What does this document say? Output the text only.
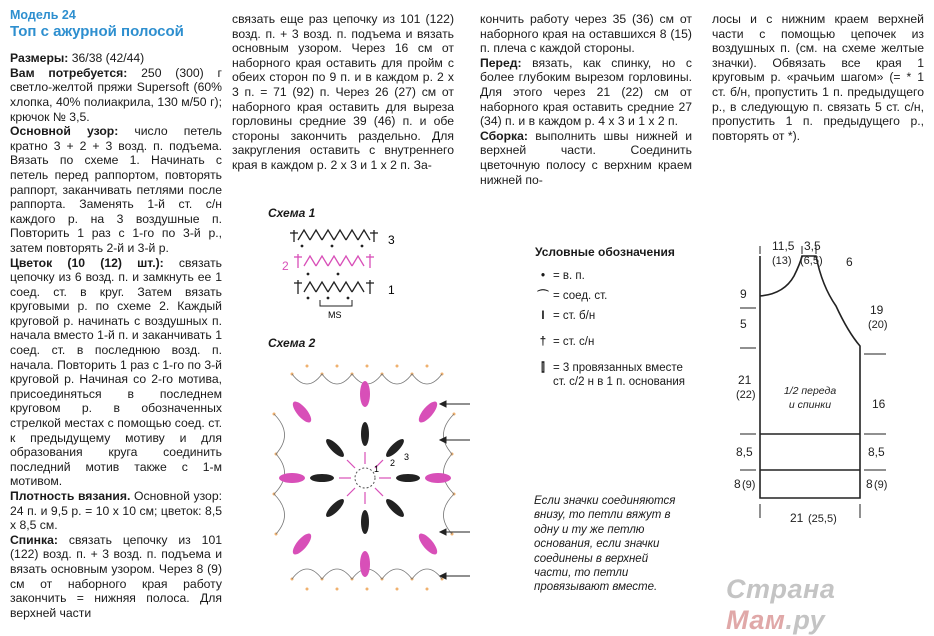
Модель 24
Топ с ажурной полосой

Размеры: 36/38 (42/44)

Вам потребуется: 250 (300) г светло-желтой пряжи Supersoft (60% хлопка, 40% полиакрила, 130 м/50 г); крючок № 3,5.

Основной узор: число петель кратно 3 + 2 + 3 возд. п. подъема. Вязать по схеме 1. Начинать с петель перед раппортом, повторять раппорт, заканчивать петлями после раппорта. Заменять 1-й ст. с/н каждого р. на 3 воздушные п. Повторить 1 раз с 1-го по 3-й р., затем повторять 2-й и 3-й р.

Цветок (10 (12) шт.): связать цепочку из 6 возд. п. и замкнуть ее 1 соед. ст. в круг. Затем вязать круговыми р. по схеме 2. Каждый круговой р. начинать с воздушных п. начала вместо 1-й п. и заканчивать 1 соед. ст. в последнюю возд. п. начала. Повторить 1 раз с 1-го по 3-й круговой р. Начиная со 2-го мотива, присоединяться в последнем круговом р. в обозначенных стрелкой местах с помощью соед. ст. к предыдущему мотиву и для образования круга соединить последний мотив также с 1-м мотивом.

Плотность вязания. Основной узор: 24 п. и 9,5 р. = 10 х 10 см; цветок: 8,5 х 8,5 см.

Спинка: связать цепочку из 101 (122) возд. п. + 3 возд. п. подъема и вязать основным узором. Через 8 (9) см от наборного края работу закончить = нижняя полоса. Для верхней части

связать еще раз цепочку из 101 (122) возд. п. + 3 возд. п. подъема и вязать основным узором. Через 16 см от наборного края оставить для пройм с обеих сторон по 9 п. и в каждом р. 2 х 3 п. = 71 (92) п. Через 26 (27) см от наборного края оставить для выреза горловины средние 39 (46) п. и обе стороны закончить раздельно. Для закругления оставить с внутреннего края в каждом р. 2 х 3 и 1 х 2 п. За-

кончить работу через 35 (36) см от наборного края на оставшихся 8 (15) п. плеча с каждой стороны.

Перед: вязать, как спинку, но с более глубоким вырезом горловины. Для этого через 21 (22) см от наборного края оставить средние 27 (34) п. и в каждом р. 4 х 3 и 1 х 2 п.

Сборка: выполнить швы нижней и верхней части. Соединить цветочную полосу с верхним краем нижней по-

лосы и с нижним краем верхней части с помощью цепочек из воздушных п. (см. на схеме желтые значки). Обвязать все края 1 круговым р. «рачьим шагом» (= * 1 ст. б/н, пропустить 1 п. предыдущего р., в следующую п. связать 5 ст. с/н, пропустить 1 п. предыдущего р., повторять от *).

Схема 1
3
2
1
MS
Схема 2
1
2
3
Условные обозначения
• = в. п.
⌒ = соед. ст.
I = ст. б/н
† = ст. с/н
⫿ = 3 провязанных вместе ст. с/2 н в 1 п. основания
Если значки соединяются внизу, то петли вяжут в одну и ту же петлю основания, если значки соединены в верхней части, то петли провязывают вместе.
11,5
(13)
3,5
(6,5) 6
9
5
21
(22)
8,5
8 (9)
19
(20)
16
8,5
8 (9)
21 (25,5)
1/2 переда
и спинки
Страна Мам.ру
